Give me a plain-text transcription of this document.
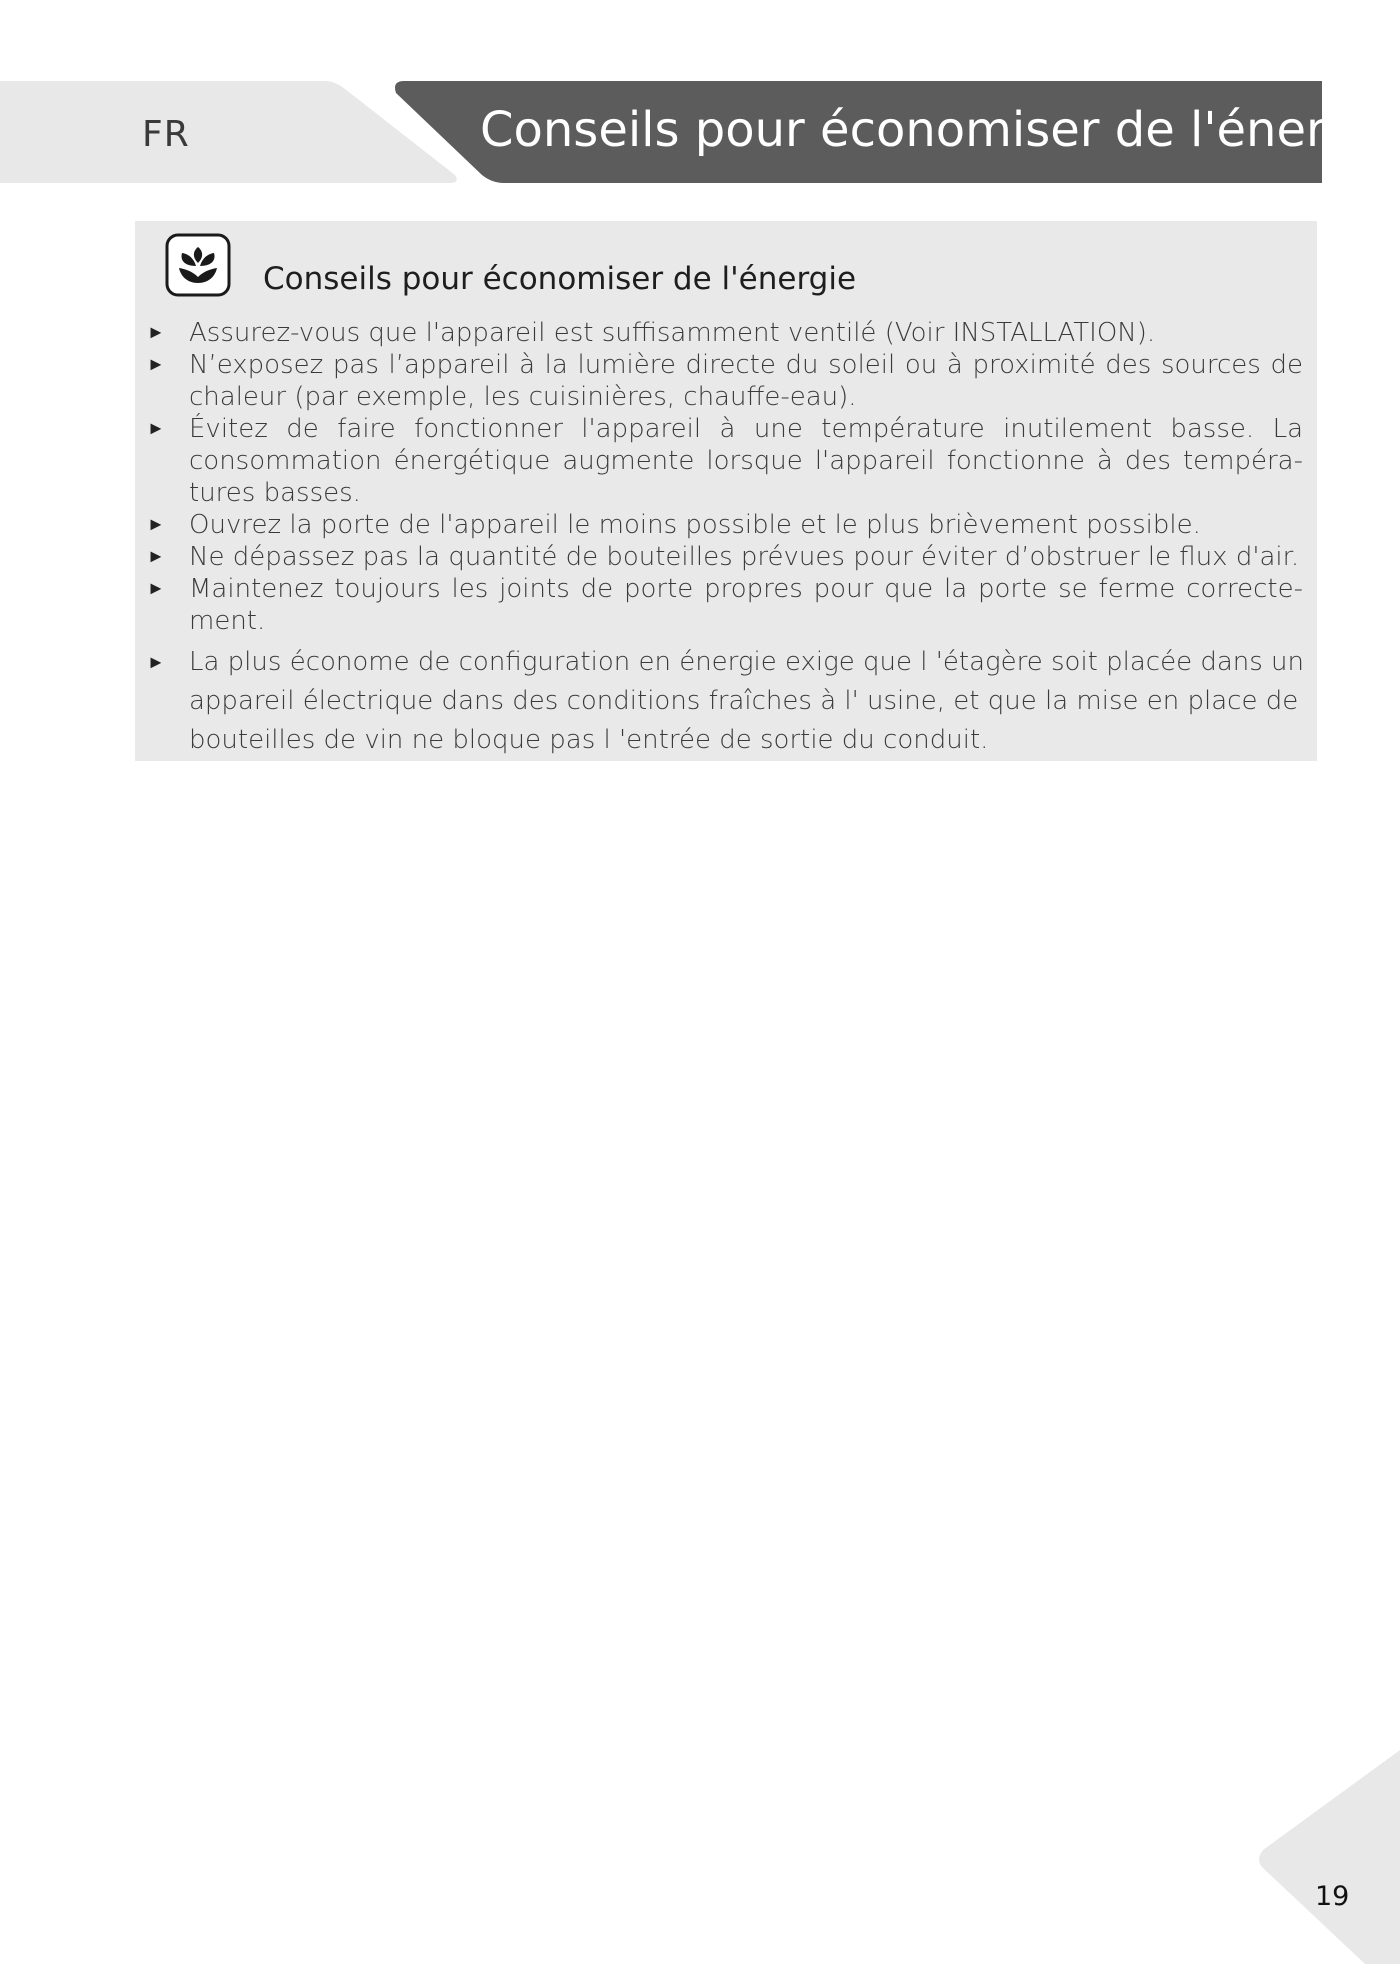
FR	Conseils pour économiser de l'énergie
Conseils pour économiser de l'énergie
► Assurez-vous que l'appareil est suffisamment ventilé (Voir INSTALLATION).
► N’exposez pas l’appareil à la lumière directe du soleil ou à proximité des sources de chaleur (par exemple, les cuisinières, chauffe-eau).
► Évitez de faire fonctionner l'appareil à une température inutilement basse. La consommation énergétique augmente lorsque l'appareil fonctionne à des tempéra-tures basses.
► Ouvrez la porte de l'appareil le moins possible et le plus brièvement possible.
► Ne dépassez pas la quantité de bouteilles prévues pour éviter d’obstruer le flux d'air.
► Maintenez toujours les joints de porte propres pour que la porte se ferme correcte-ment.
► La plus économe de configuration en énergie exige que l 'étagère soit placée dans un appareil électrique dans des conditions fraîches à l' usine, et que la mise en place de bouteilles de vin ne bloque pas l 'entrée de sortie du conduit.
19
